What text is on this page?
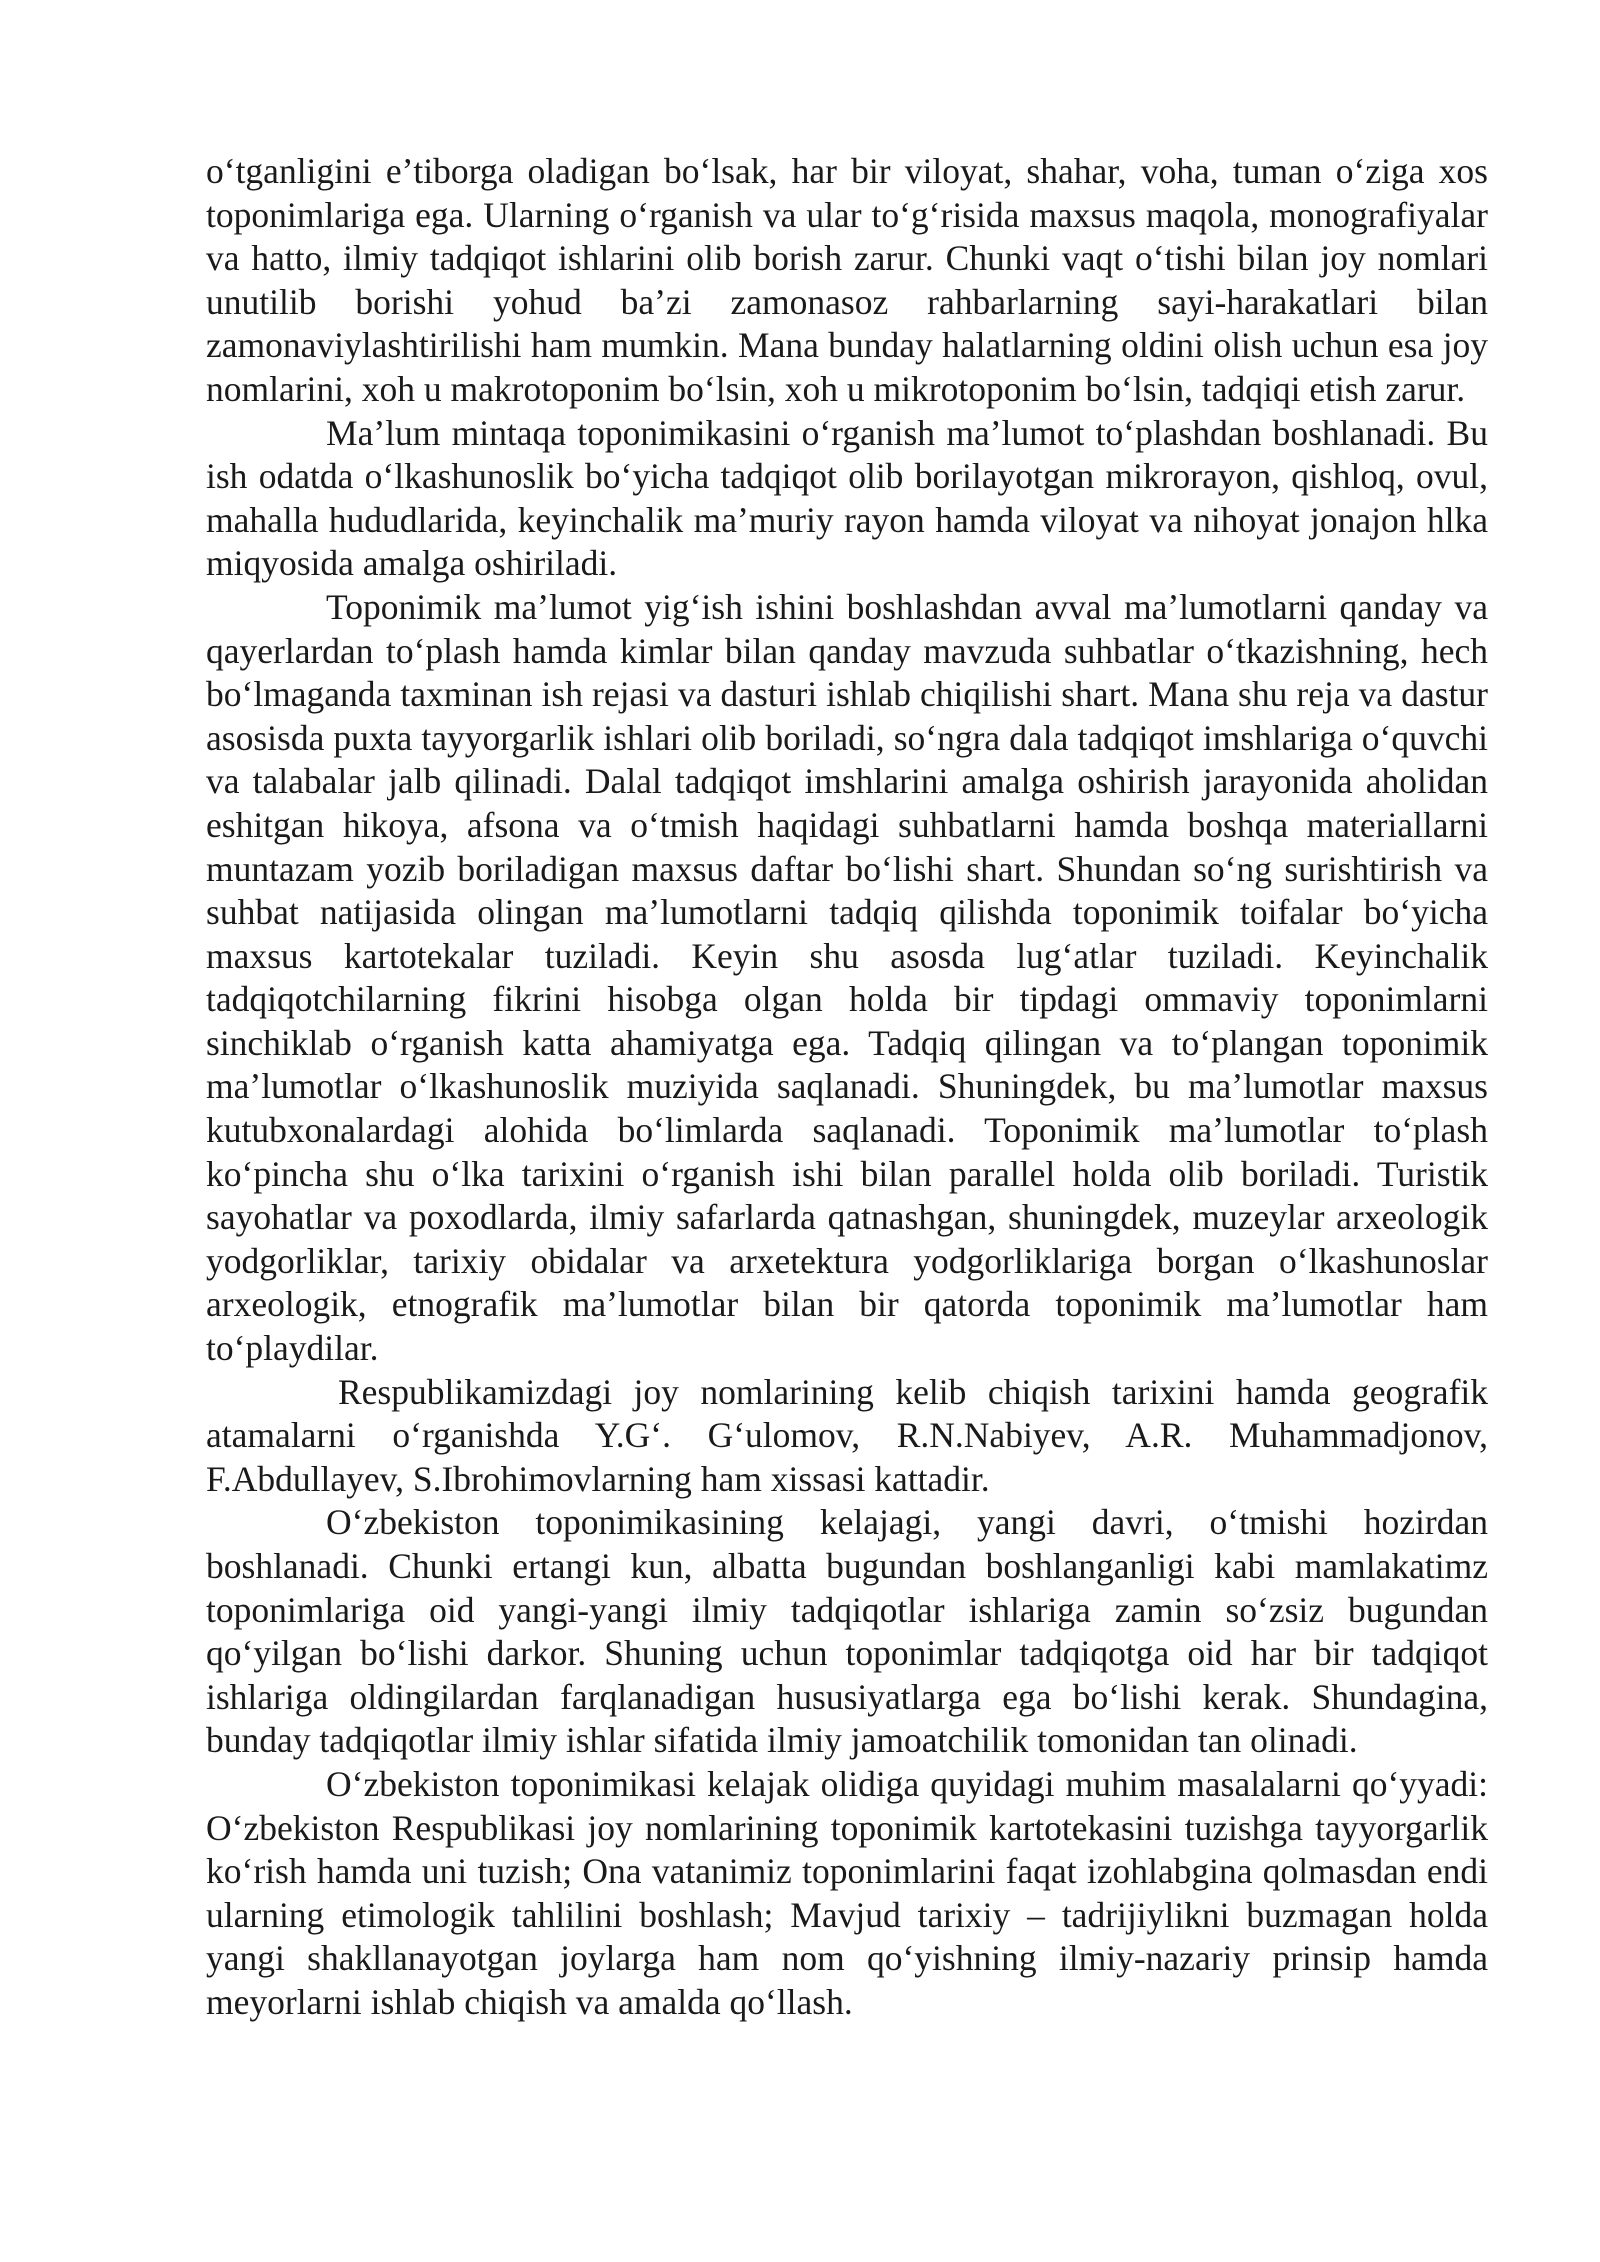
oʻtganligini eʼtiborga oladigan boʻlsak, har bir viloyat, shahar, voha, tuman oʻziga xos toponimlariga ega. Ularning oʻrganish va ular toʻgʻrisida maxsus maqola, monografiyalar va hatto, ilmiy tadqiqot ishlarini olib borish zarur. Chunki vaqt oʻtishi bilan joy nomlari unutilib borishi yohud baʼzi zamonasoz rahbarlarning sayi-harakatlari bilan zamonaviylashtirilishi ham mumkin. Mana bunday halatlarning oldini olish uchun esa joy nomlarini, xoh u makrotoponim boʻlsin, xoh u mikrotoponim boʻlsin, tadqiqi etish zarur.

Maʼlum mintaqa toponimikasini oʻrganish maʼlumot toʻplashdan boshlanadi. Bu ish odatda oʻlkashunoslik boʻyicha tadqiqot olib borilayotgan mikrorayon, qishloq, ovul, mahalla hududlarida, keyinchalik maʼmuriy rayon hamda viloyat va nihoyat jonajon hlka miqyosida amalga oshiriladi.

Toponimik maʼlumot yigʻish ishini boshlashdan avval maʼlumotlarni qanday va qayerlardan toʻplash hamda kimlar bilan qanday mavzuda suhbatlar oʻtkazishning, hech boʻlmaganda taxminan ish rejasi va dasturi ishlab chiqilishi shart. Mana shu reja va dastur asosisda puxta tayyorgarlik ishlari olib boriladi, soʻngra dala tadqiqot imshlariga oʻquvchi va talabalar jalb qilinadi. Dalal tadqiqot imshlarini amalga oshirish jarayonida aholidan eshitgan hikoya, afsona va oʻtmish haqidagi suhbatlarni hamda boshqa materiallarni muntazam yozib boriladigan maxsus daftar boʻlishi shart. Shundan soʻng surishtirish va suhbat natijasida olingan maʼlumotlarni tadqiq qilishda toponimik toifalar boʻyicha maxsus kartotekalar tuziladi. Keyin shu asosda lugʻatlar tuziladi. Keyinchalik tadqiqotchilarning fikrini hisobga olgan holda bir tipdagi ommaviy toponimlarni sinchiklab oʻrganish katta ahamiyatga ega. Tadqiq qilingan va toʻplangan toponimik maʼlumotlar oʻlkashunoslik muziyida saqlanadi. Shuningdek, bu maʼlumotlar maxsus kutubxonalardagi alohida boʻlimlarda saqlanadi. Toponimik maʼlumotlar toʻplash koʻpincha shu oʻlka tarixini oʻrganish ishi bilan parallel holda olib boriladi. Turistik sayohatlar va poxodlarda, ilmiy safarlarda qatnashgan, shuningdek, muzeylar arxeologik yodgorliklar, tarixiy obidalar va arxetektura yodgorliklariga borgan oʻlkashunoslar arxeologik, etnografik maʼlumotlar bilan bir qatorda toponimik maʼlumotlar ham toʻplaydilar.

Respublikamizdagi joy nomlarining kelib chiqish tarixini hamda geografik atamalarni oʻrganishda Y.Gʻ. Gʻulomov, R.N.Nabiyev, A.R. Muhammadjonov, F.Abdullayev, S.Ibrohimovlarning ham xissasi kattadir.

Oʻzbekiston toponimikasining kelajagi, yangi davri, oʻtmishi hozirdan boshlanadi. Chunki ertangi kun, albatta bugundan boshlanganligi kabi mamlakatimz toponimlariga oid yangi-yangi ilmiy tadqiqotlar ishlariga zamin soʻzsiz bugundan qoʻyilgan boʻlishi darkor. Shuning uchun toponimlar tadqiqotga oid har bir tadqiqot ishlariga oldingilardan farqlanadigan hususiyatlarga ega boʻlishi kerak. Shundagina, bunday tadqiqotlar ilmiy ishlar sifatida ilmiy jamoatchilik tomonidan tan olinadi.

Oʻzbekiston toponimikasi kelajak olidiga quyidagi muhim masalalarni qoʻyyadi: Oʻzbekiston Respublikasi joy nomlarining toponimik kartotekasini tuzishga tayyorgarlik koʻrish hamda uni tuzish; Ona vatanimiz toponimlarini faqat izohlabgina qolmasdan endi ularning etimologik tahlilini boshlash; Mavjud tarixiy – tadrijiylikni buzmagan holda yangi shakllanayotgan joylarga ham nom qoʻyishning ilmiy-nazariy prinsip hamda meyorlarni ishlab chiqish va amalda qoʻllash.
